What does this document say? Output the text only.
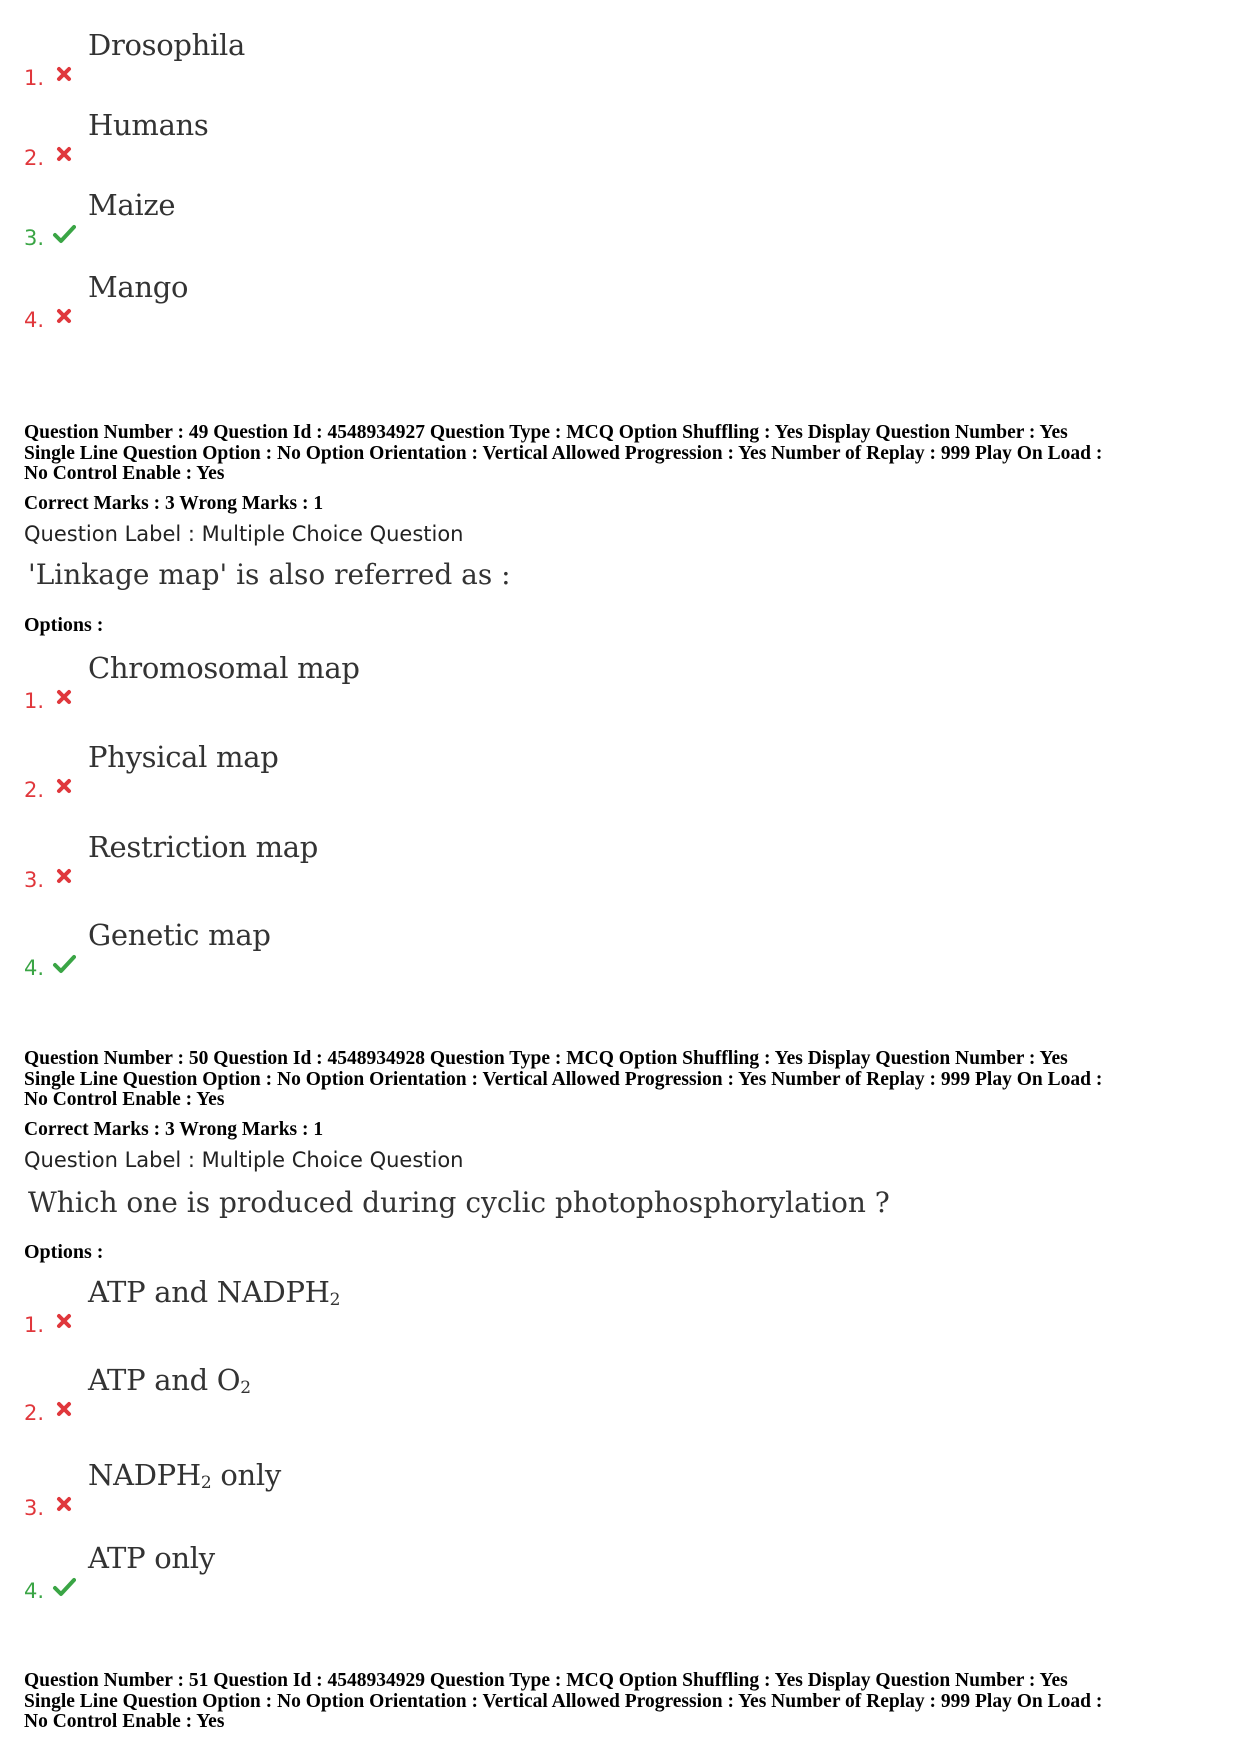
1.
Drosophila
2.
Humans
3.
Maize
4.
Mango
Question Number : 49 Question Id : 4548934927 Question Type : MCQ Option Shuffling : Yes Display Question Number : Yes
Single Line Question Option : No Option Orientation : Vertical Allowed Progression : Yes Number of Replay : 999 Play On Load :
No Control Enable : Yes
Correct Marks : 3 Wrong Marks : 1
Question Label : Multiple Choice Question
'Linkage map' is also referred as :
Options :
1.
Chromosomal map
2.
Physical map
3.
Restriction map
4.
Genetic map
Question Number : 50 Question Id : 4548934928 Question Type : MCQ Option Shuffling : Yes Display Question Number : Yes
Single Line Question Option : No Option Orientation : Vertical Allowed Progression : Yes Number of Replay : 999 Play On Load :
No Control Enable : Yes
Correct Marks : 3 Wrong Marks : 1
Question Label : Multiple Choice Question
Which one is produced during cyclic photophosphorylation ?
Options :
1.
ATP and $NADPH_2$
2.
ATP and $O_2$
3.
$NADPH_2$ only
4.
ATP only
Question Number : 51 Question Id : 4548934929 Question Type : MCQ Option Shuffling : Yes Display Question Number : Yes
Single Line Question Option : No Option Orientation : Vertical Allowed Progression : Yes Number of Replay : 999 Play On Load :
No Control Enable : Yes
